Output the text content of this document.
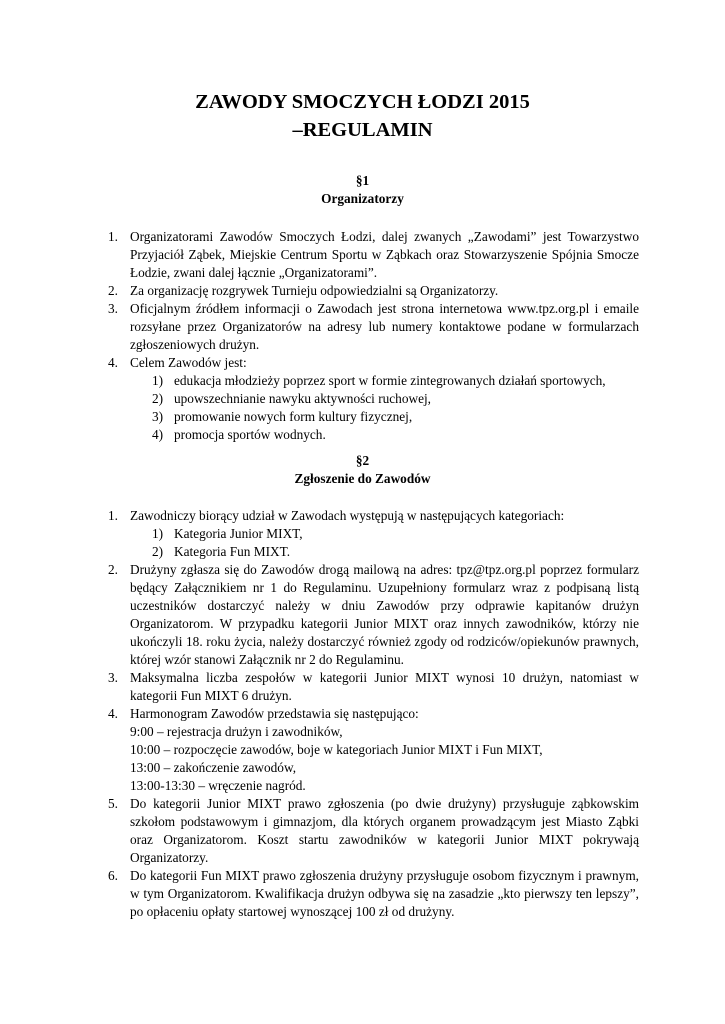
ZAWODY SMOCZYCH ŁODZI 2015
–REGULAMIN
§1
Organizatorzy
1. Organizatorami Zawodów Smoczych Łodzi, dalej zwanych „Zawodami” jest Towarzystwo Przyjaciół Ząbek, Miejskie Centrum Sportu w Ząbkach oraz Stowarzyszenie Spójnia Smocze Łodzie, zwani dalej łącznie „Organizatorami”.
2. Za organizację rozgrywek Turnieju odpowiedzialni są Organizatorzy.
3. Oficjalnym źródłem informacji o Zawodach jest strona internetowa www.tpz.org.pl i emaile rozsyłane przez Organizatorów na adresy lub numery kontaktowe podane w formularzach zgłoszeniowych drużyn.
4. Celem Zawodów jest:
1) edukacja młodzieży poprzez sport w formie zintegrowanych działań sportowych,
2) upowszechnianie nawyku aktywności ruchowej,
3) promowanie nowych form kultury fizycznej,
4) promocja sportów wodnych.
§2
Zgłoszenie do Zawodów
1. Zawodniczy biorący udział w Zawodach występują w następujących kategoriach:
1) Kategoria Junior MIXT,
2) Kategoria Fun MIXT.
2. Drużyny zgłasza się do Zawodów drogą mailową na adres: tpz@tpz.org.pl poprzez formularz będący Załącznikiem nr 1 do Regulaminu. Uzupełniony formularz wraz z podpisaną listą uczestników dostarczyć należy w dniu Zawodów przy odprawie kapitanów drużyn Organizatorom. W przypadku kategorii Junior MIXT oraz innych zawodników, którzy nie ukończyli 18. roku życia, należy dostarczyć również zgody od rodziców/opiekunów prawnych, której wzór stanowi Załącznik nr 2 do Regulaminu.
3. Maksymalna liczba zespołów w kategorii Junior MIXT wynosi 10 drużyn, natomiast w kategorii Fun MIXT 6 drużyn.
4. Harmonogram Zawodów przedstawia się następująco:
9:00 – rejestracja drużyn i zawodników,
10:00 – rozpoczęcie zawodów, boje w kategoriach Junior MIXT i Fun MIXT,
13:00 – zakończenie zawodów,
13:00-13:30 – wręczenie nagród.
5. Do kategorii Junior MIXT prawo zgłoszenia (po dwie drużyny) przysługuje ząbkowskim szkołom podstawowym i gimnazjom, dla których organem prowadzącym jest Miasto Ząbki oraz Organizatorom. Koszt startu zawodników w kategorii Junior MIXT pokrywają Organizatorzy.
6. Do kategorii Fun MIXT prawo zgłoszenia drużyny przysługuje osobom fizycznym i prawnym, w tym Organizatorom. Kwalifikacja drużyn odbywa się na zasadzie „kto pierwszy ten lepszy”, po opłaceniu opłaty startowej wynoszącej 100 zł od drużyny.
